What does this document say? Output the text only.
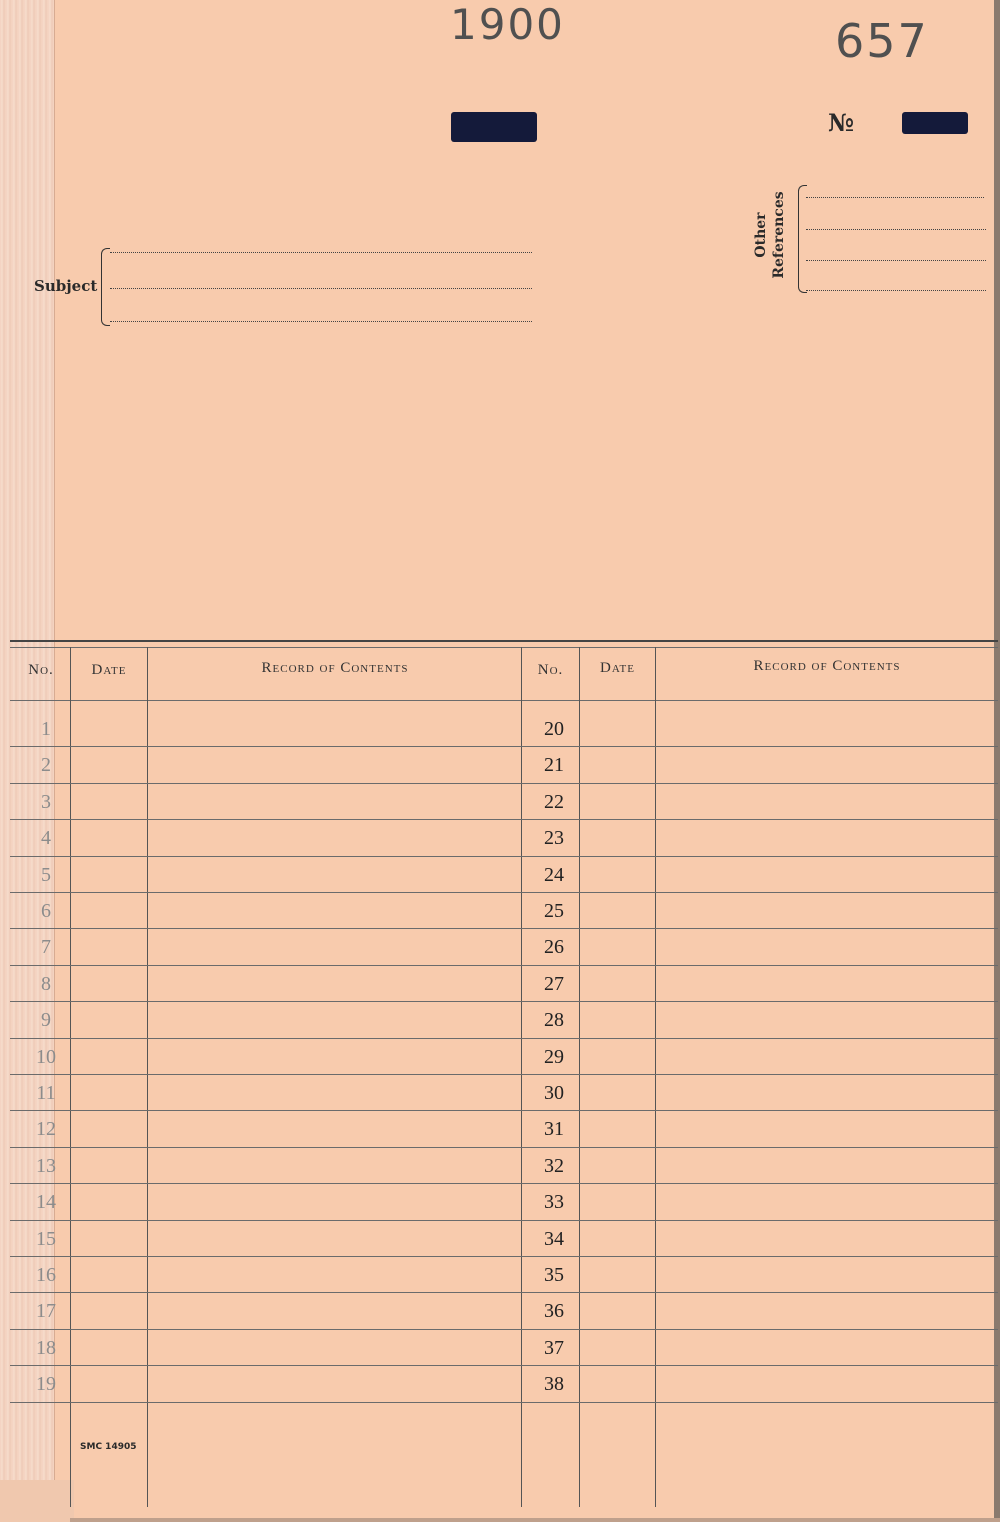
1900	657
№
Subject
Other References
No.	Date	Record of Contents	No.	Date	Record of Contents
1	20
2	21
3	22
4	23
5	24
6	25
7	26
8	27
9	28
10	29
11	30
12	31
13	32
14	33
15	34
16	35
17	36
18	37
19	38
SMC 14905
